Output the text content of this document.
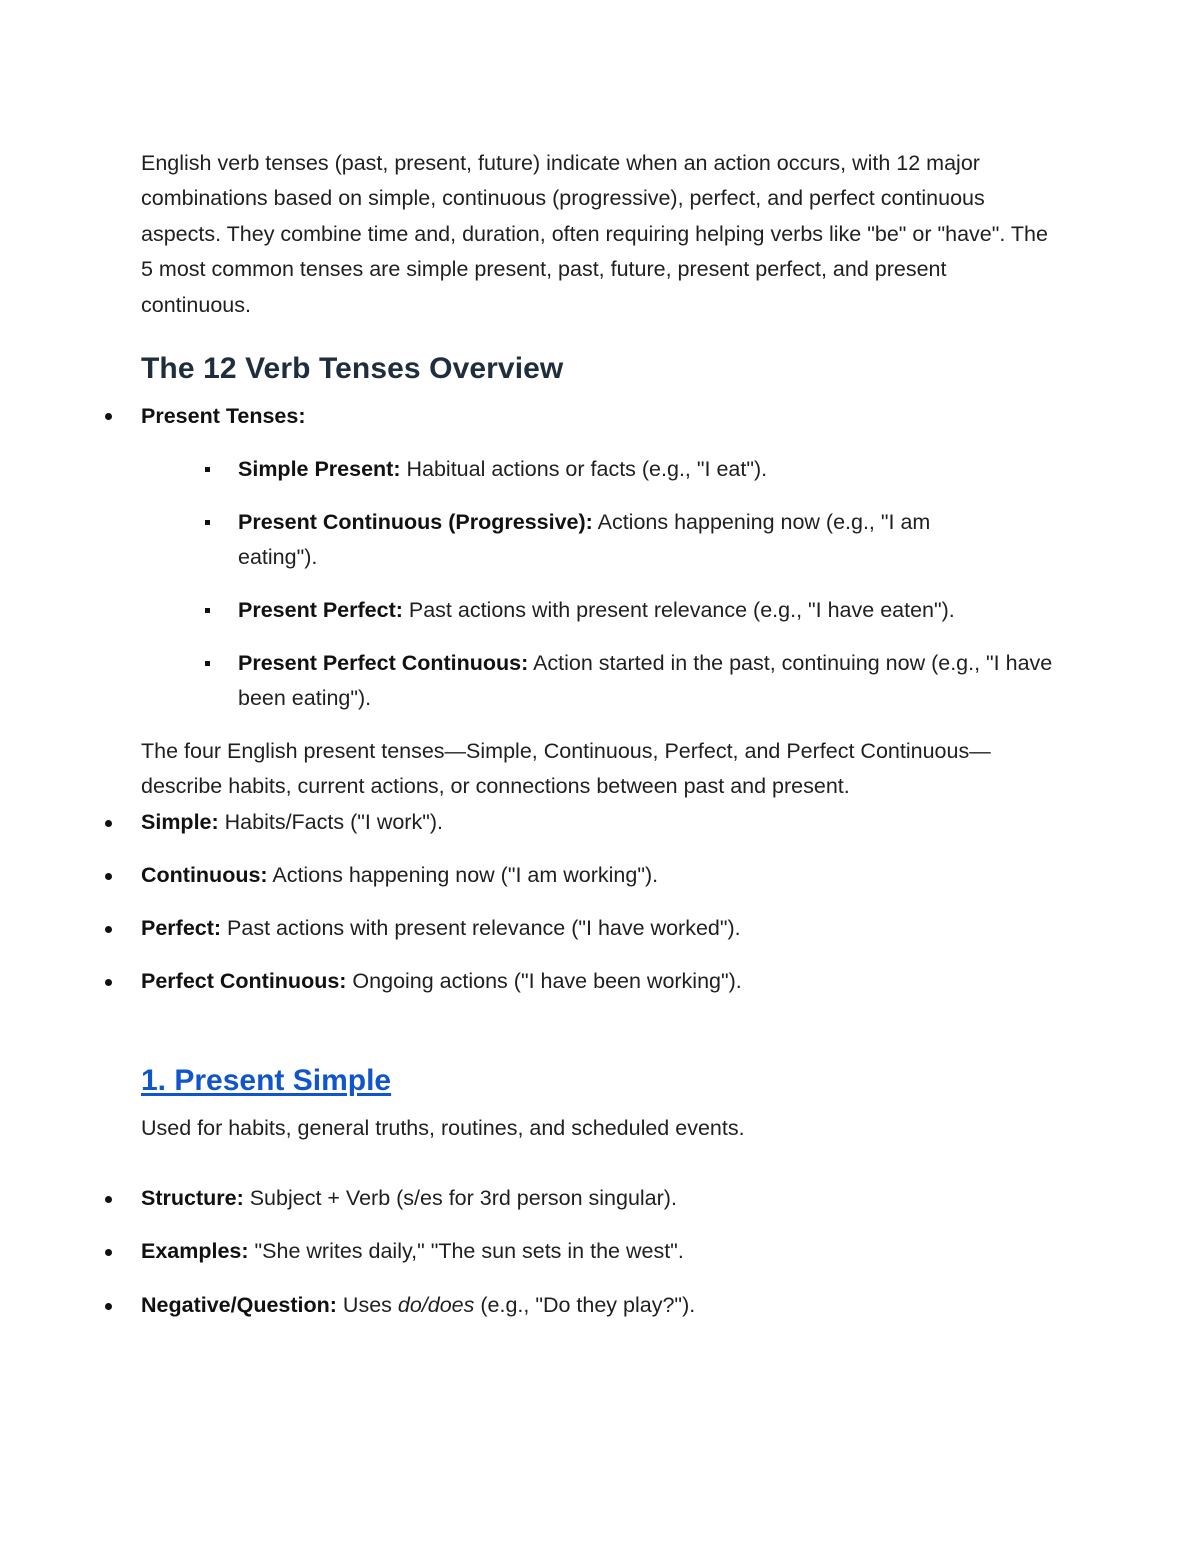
English verb tenses (past, present, future) indicate when an action occurs, with 12 major combinations based on simple, continuous (progressive), perfect, and perfect continuous aspects. They combine time and, duration, often requiring helping verbs like "be" or "have". The 5 most common tenses are simple present, past, future, present perfect, and present continuous.

The 12 Verb Tenses Overview
Present Tenses:
Simple Present: Habitual actions or facts (e.g., "I eat").
Present Continuous (Progressive): Actions happening now (e.g., "I am eating").
Present Perfect: Past actions with present relevance (e.g., "I have eaten").
Present Perfect Continuous: Action started in the past, continuing now (e.g., "I have been eating").
The four English present tenses—Simple, Continuous, Perfect, and Perfect Continuous—describe habits, current actions, or connections between past and present.
Simple: Habits/Facts ("I work").
Continuous: Actions happening now ("I am working").
Perfect: Past actions with present relevance ("I have worked").
Perfect Continuous: Ongoing actions ("I have been working").
1. Present Simple
Used for habits, general truths, routines, and scheduled events.
Structure: Subject + Verb (s/es for 3rd person singular).
Examples: "She writes daily," "The sun sets in the west".
Negative/Question: Uses do/does (e.g., "Do they play?").
